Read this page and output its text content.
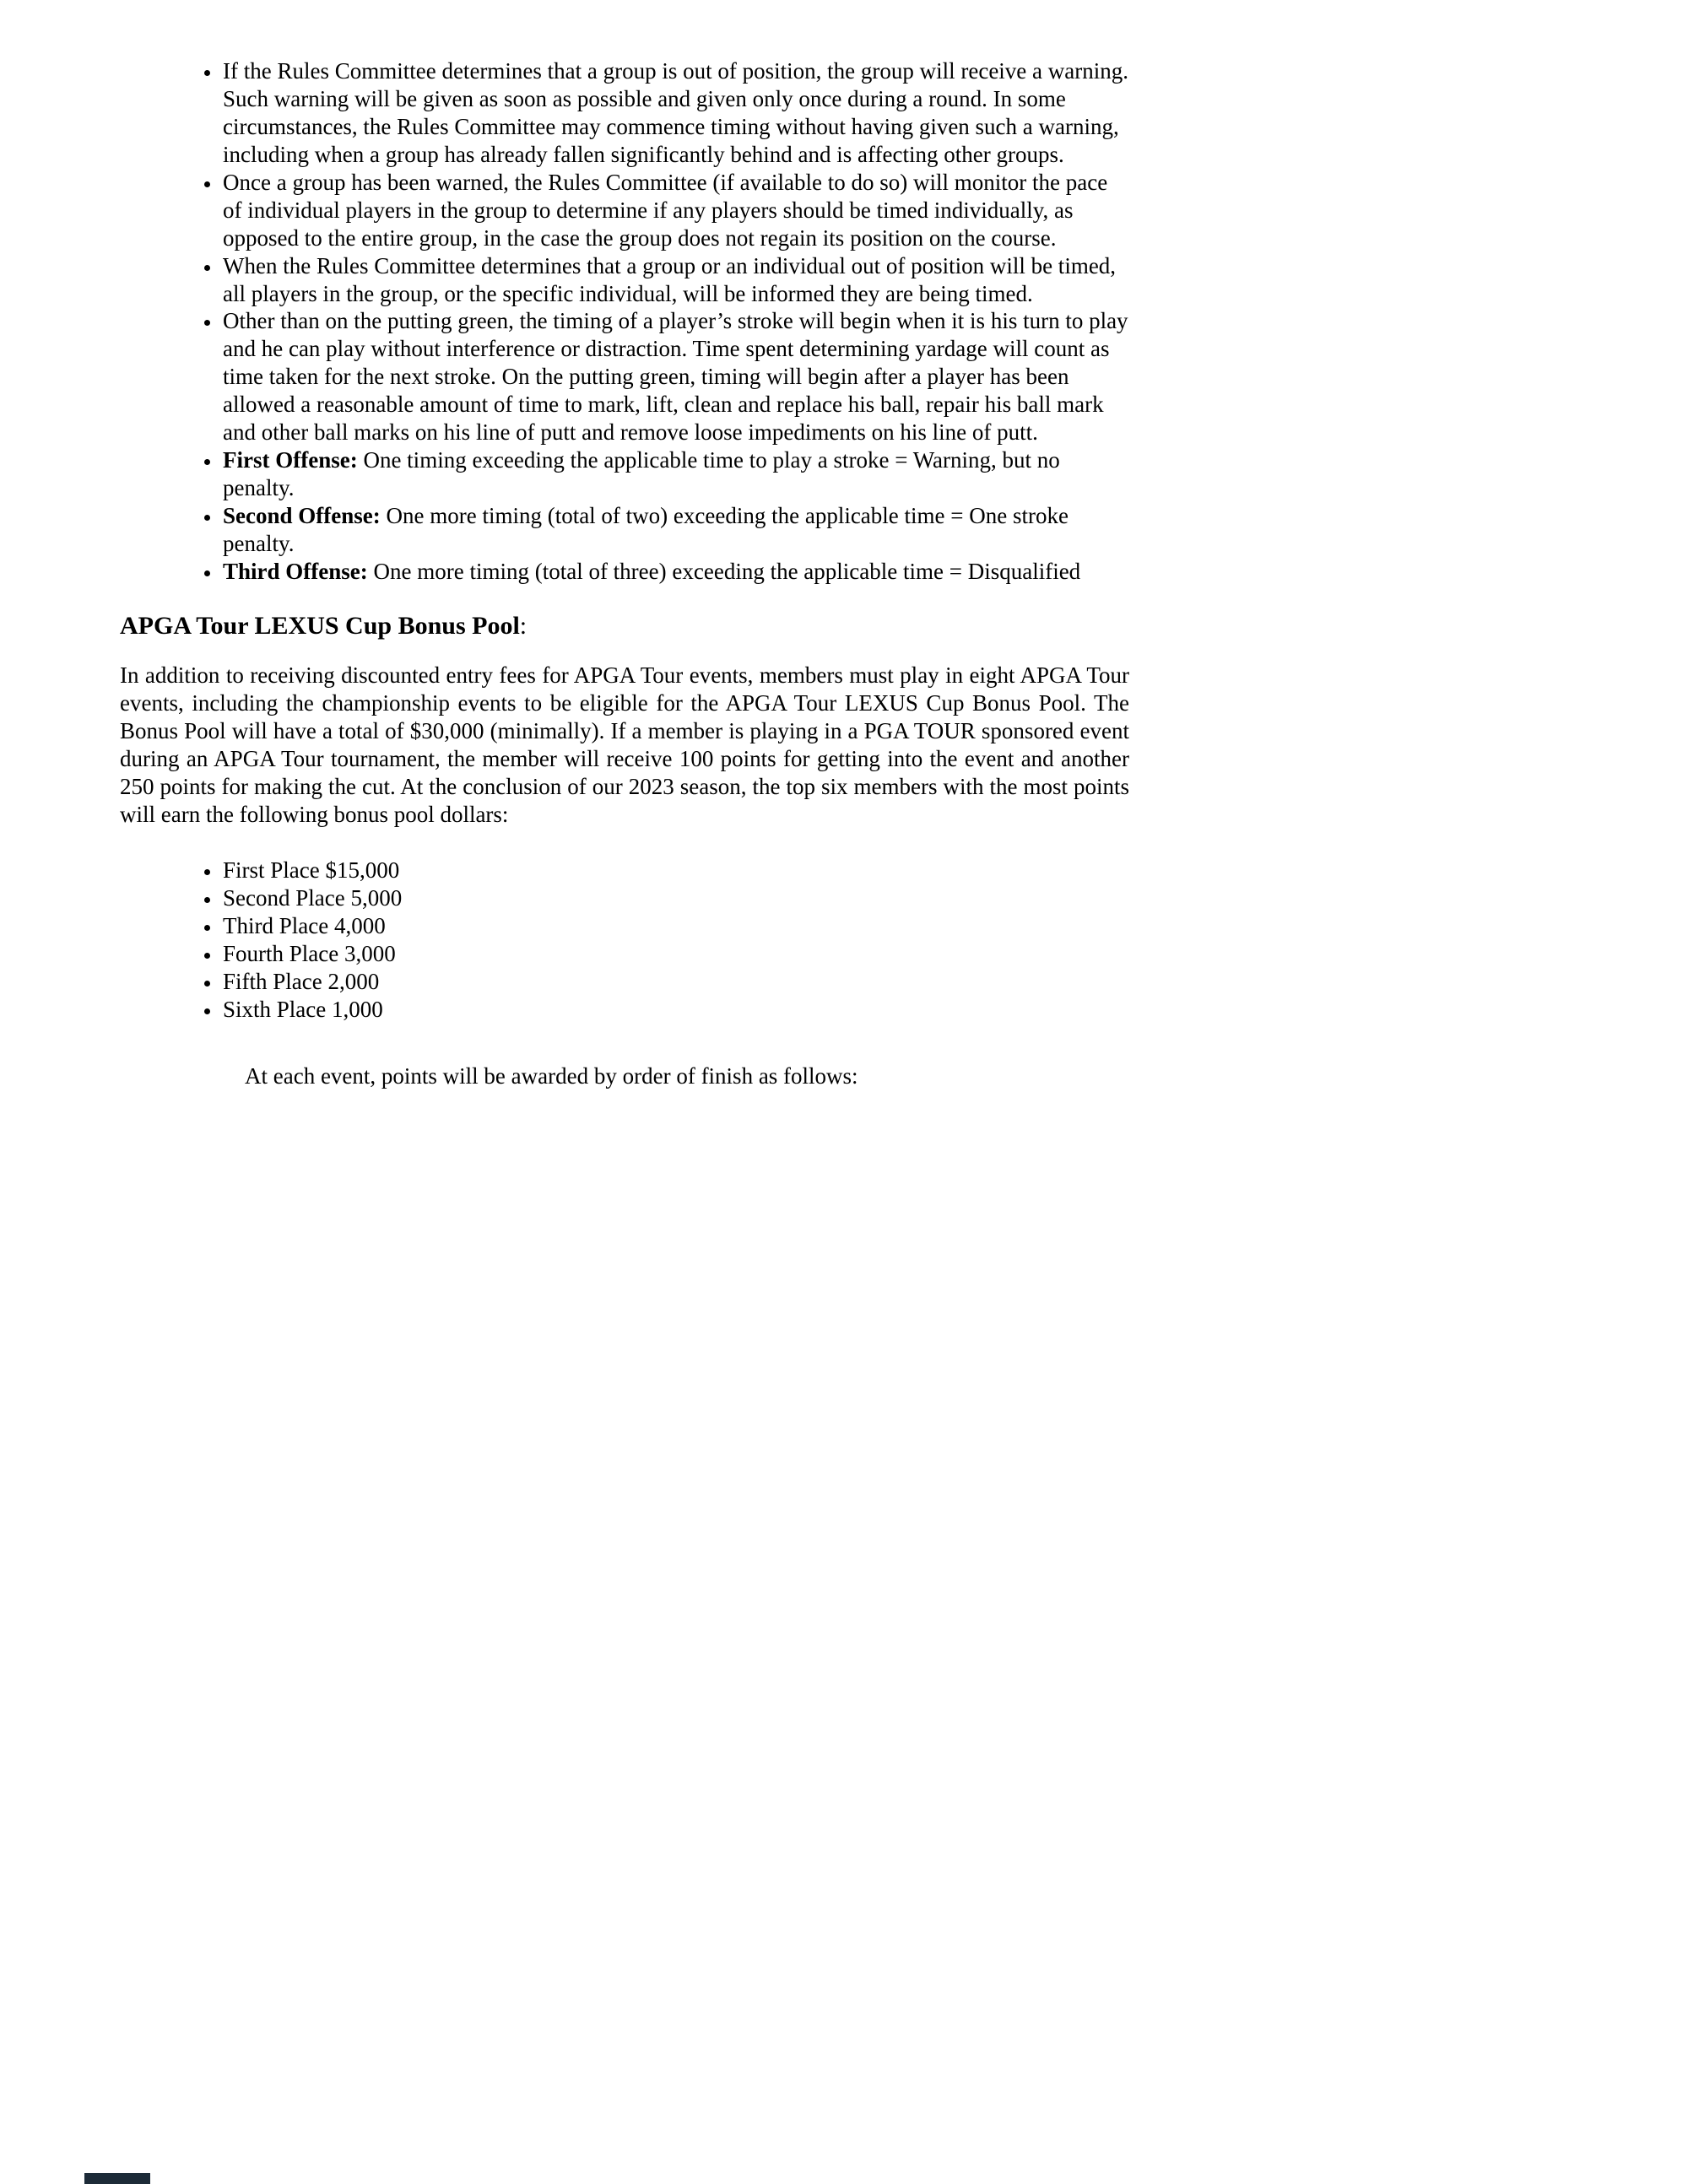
• If the Rules Committee determines that a group is out of position, the group will receive a warning. Such warning will be given as soon as possible and given only once during a round. In some circumstances, the Rules Committee may commence timing without having given such a warning, including when a group has already fallen significantly behind and is affecting other groups.
• Once a group has been warned, the Rules Committee (if available to do so) will monitor the pace of individual players in the group to determine if any players should be timed individually, as opposed to the entire group, in the case the group does not regain its position on the course.
• When the Rules Committee determines that a group or an individual out of position will be timed, all players in the group, or the specific individual, will be informed they are being timed.
• Other than on the putting green, the timing of a player’s stroke will begin when it is his turn to play and he can play without interference or distraction. Time spent determining yardage will count as time taken for the next stroke. On the putting green, timing will begin after a player has been allowed a reasonable amount of time to mark, lift, clean and replace his ball, repair his ball mark and other ball marks on his line of putt and remove loose impediments on his line of putt.
• First Offense: One timing exceeding the applicable time to play a stroke = Warning, but no penalty.
• Second Offense: One more timing (total of two) exceeding the applicable time = One stroke penalty.
• Third Offense: One more timing (total of three) exceeding the applicable time = Disqualified
APGA Tour LEXUS Cup Bonus Pool:

In addition to receiving discounted entry fees for APGA Tour events, members must play in eight APGA Tour events, including the championship events to be eligible for the APGA Tour LEXUS Cup Bonus Pool. The Bonus Pool will have a total of $30,000 (minimally). If a member is playing in a PGA TOUR sponsored event during an APGA Tour tournament, the member will receive 100 points for getting into the event and another 250 points for making the cut. At the conclusion of our 2023 season, the top six members with the most points will earn the following bonus pool dollars:

• First Place $15,000
• Second Place 5,000
• Third Place 4,000
• Fourth Place 3,000
• Fifth Place 2,000
• Sixth Place 1,000

At each event, points will be awarded by order of finish as follows:
